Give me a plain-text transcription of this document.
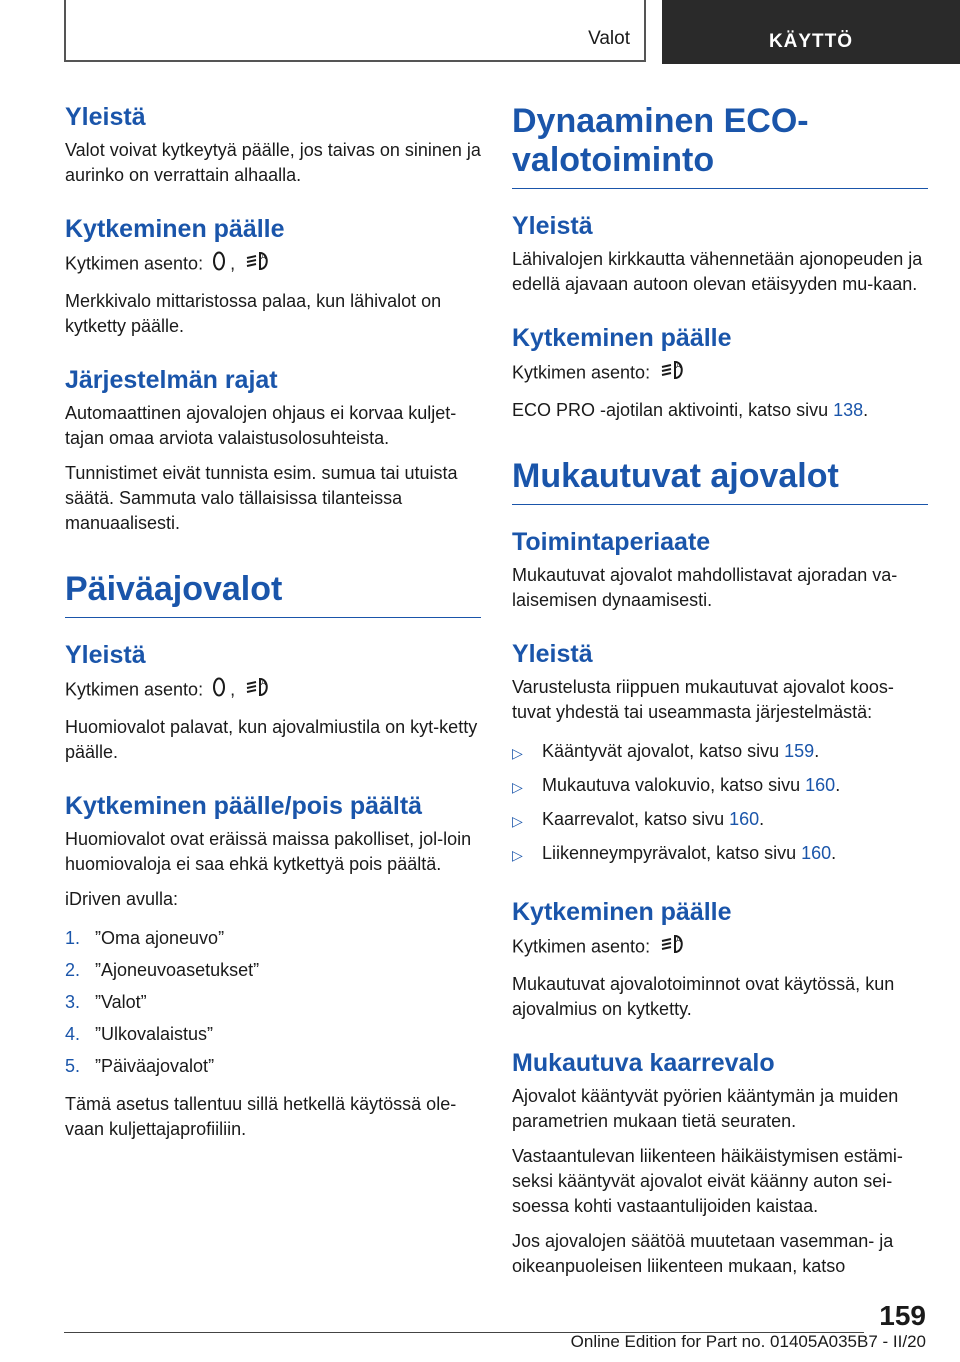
Valot	KÄYTTÖ
Yleistä

Valot voivat kytkeytyä päälle, jos taivas on sininen ja aurinko on verrattain alhaalla.

Kytkeminen päälle

Kytkimen asento: ,	A

Merkkivalo mittaristossa palaa, kun lähivalot on kytketty päälle.

Järjestelmän rajat

Automaattinen ajovalojen ohjaus ei korvaa kuljet-tajan omaa arviota valaistusolosuhteista.

Tunnistimet eivät tunnista esim. sumua tai utuista säätä. Sammuta valo tällaisissa tilanteissa manuaalisesti.

Päiväajovalot
Yleistä

Kytkimen asento: ,	A

Huomiovalot palavat, kun ajovalmiustila on kyt-ketty päälle.

Kytkeminen päälle/pois päältä

Huomiovalot ovat eräissä maissa pakolliset, jol-loin huomiovaloja ei saa ehkä kytkettyä pois päältä.

iDriven avulla:

1. ”Oma ajoneuvo”
2. ”Ajoneuvoasetukset”
3. ”Valot”
4. ”Ulkovalaistus”
5. ”Päiväajovalot”

Tämä asetus tallentuu sillä hetkellä käytössä ole-vaan kuljettajaprofiiliin.

Dynaaminen ECO-valotoiminto
Yleistä

Lähivalojen kirkkautta vähennetään ajonopeuden ja edellä ajavaan autoon olevan etäisyyden mu-kaan.

Kytkeminen päälle

Kytkimen asento:	A

ECO PRO -ajotilan aktivointi, katso sivu 138.

Mukautuvat ajovalot
Toimintaperiaate

Mukautuvat ajovalot mahdollistavat ajoradan va-laisemisen dynaamisesti.

Yleistä

Varustelusta riippuen mukautuvat ajovalot koos-tuvat yhdestä tai useammasta järjestelmästä:

▷	Kääntyvät ajovalot, katso sivu 159.
▷	Mukautuva valokuvio, katso sivu 160.
▷	Kaarrevalot, katso sivu 160.
▷	Liikenneympyrävalot, katso sivu 160.
Kytkeminen päälle

Kytkimen asento:	A

Mukautuvat ajovalotoiminnot ovat käytössä, kun ajovalmius on kytketty.

Mukautuva kaarrevalo

Ajovalot kääntyvät pyörien kääntymän ja muiden parametrien mukaan tietä seuraten.

Vastaantulevan liikenteen häikäistymisen estämi-seksi kääntyvät ajovalot eivät käänny auton sei-soessa kohti vastaantulijoiden kaistaa.

Jos ajovalojen säätöä muutetaan vasemman- ja oikeanpuoleisen liikenteen mukaan, katso

159
Online Edition for Part no. 01405A035B7 - II/20
